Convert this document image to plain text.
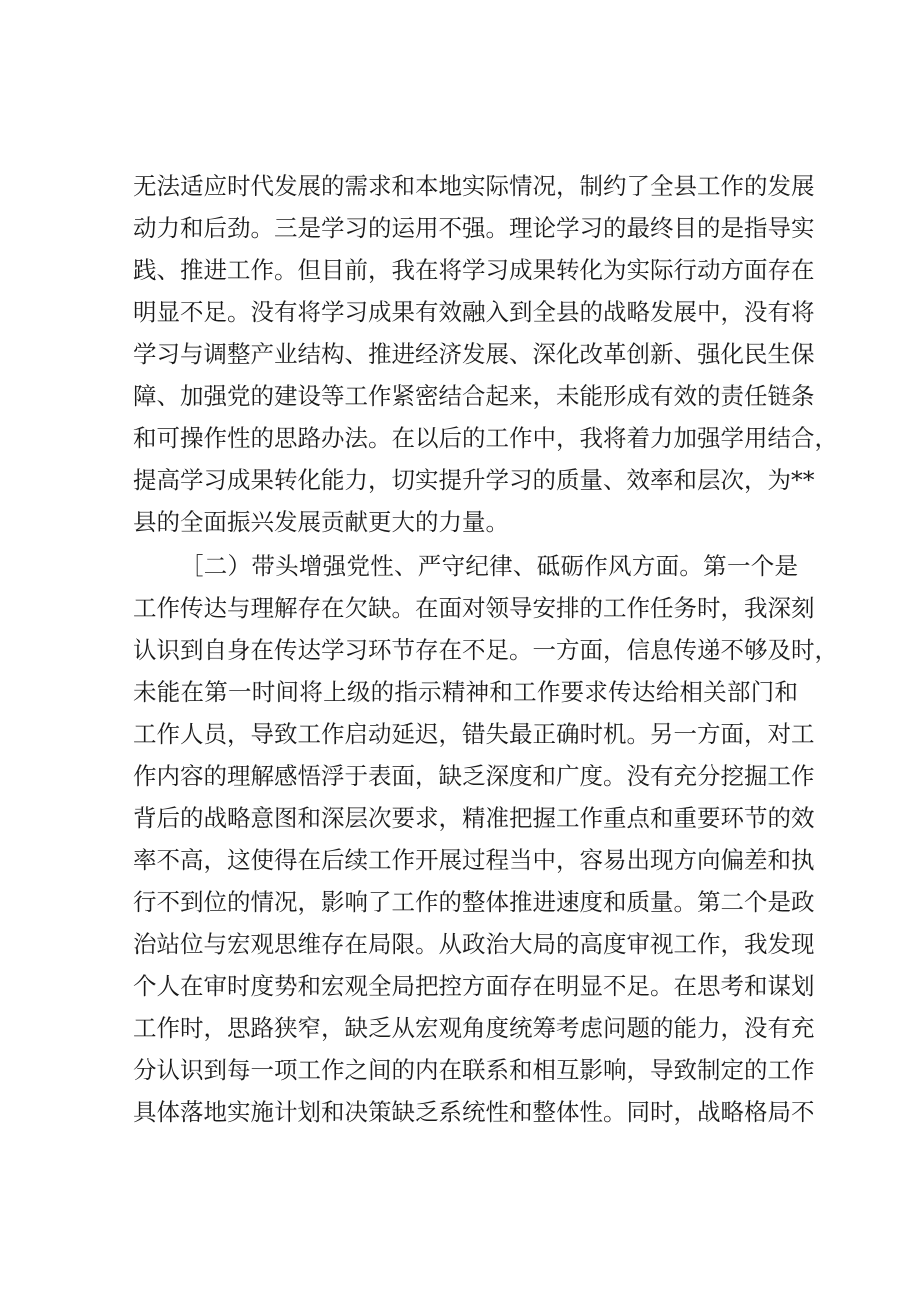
无法适应时代发展的需求和本地实际情况，制约了全县工作的发展
动力和后劲。三是学习的运用不强。理论学习的最终目的是指导实
践、推进工作。但目前，我在将学习成果转化为实际行动方面存在
明显不足。没有将学习成果有效融入到全县的战略发展中，没有将
学习与调整产业结构、推进经济发展、深化改革创新、强化民生保
障、加强党的建设等工作紧密结合起来，未能形成有效的责任链条
和可操作性的思路办法。在以后的工作中，我将着力加强学用结合，
提高学习成果转化能力，切实提升学习的质量、效率和层次，为**
县的全面振兴发展贡献更大的力量。
［二）带头增强党性、严守纪律、砥砺作风方面。第一个是
工作传达与理解存在欠缺。在面对领导安排的工作任务时，我深刻
认识到自身在传达学习环节存在不足。一方面，信息传递不够及时，
未能在第一时间将上级的指示精神和工作要求传达给相关部门和
工作人员，导致工作启动延迟，错失最正确时机。另一方面，对工
作内容的理解感悟浮于表面，缺乏深度和广度。没有充分挖掘工作
背后的战略意图和深层次要求，精准把握工作重点和重要环节的效
率不高，这使得在后续工作开展过程当中，容易出现方向偏差和执
行不到位的情况，影响了工作的整体推进速度和质量。第二个是政
治站位与宏观思维存在局限。从政治大局的高度审视工作，我发现
个人在审时度势和宏观全局把控方面存在明显不足。在思考和谋划
工作时，思路狭窄，缺乏从宏观角度统筹考虑问题的能力，没有充
分认识到每一项工作之间的内在联系和相互影响，导致制定的工作
具体落地实施计划和决策缺乏系统性和整体性。同时，战略格局不
